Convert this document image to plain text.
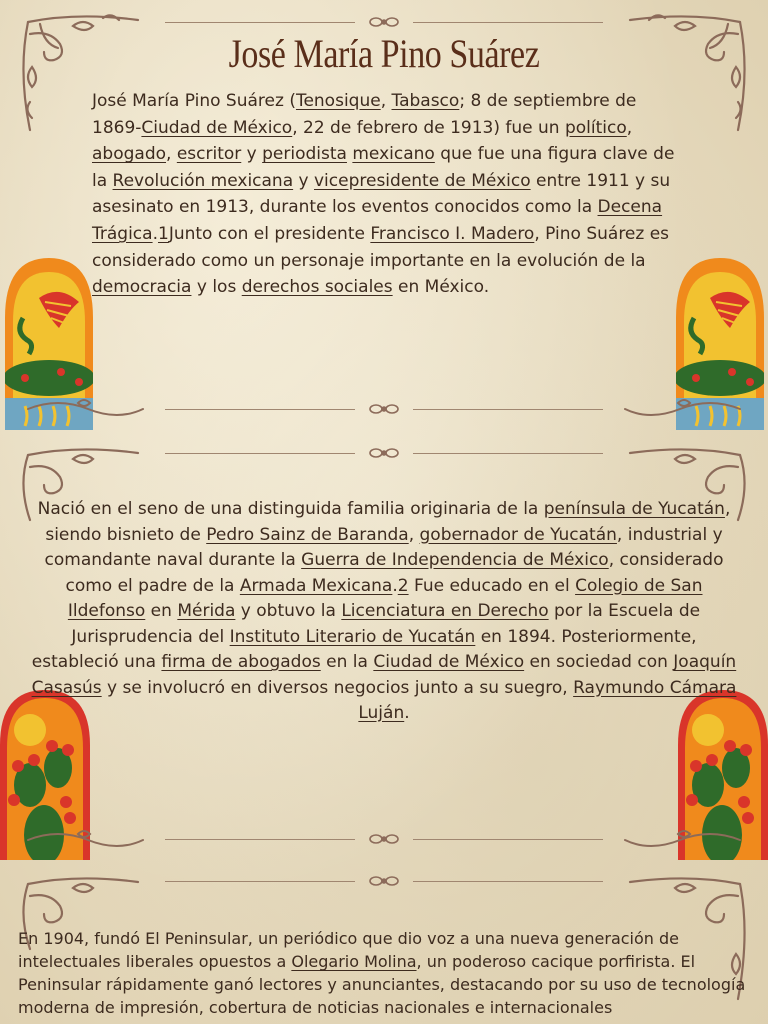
José María Pino Suárez
José María Pino Suárez (Tenosique, Tabasco; 8 de septiembre de 1869-Ciudad de México, 22 de febrero de 1913) fue un político, abogado, escritor y periodista mexicano que fue una figura clave de la Revolución mexicana y vicepresidente de México entre 1911 y su asesinato en 1913, durante los eventos conocidos como la Decena Trágica.1Junto con el presidente Francisco I. Madero, Pino Suárez es considerado como un personaje importante en la evolución de la democracia y los derechos sociales en México.
Nació en el seno de una distinguida familia originaria de la península de Yucatán, siendo bisnieto de Pedro Sainz de Baranda, gobernador de Yucatán, industrial y comandante naval durante la Guerra de Independencia de México, considerado como el padre de la Armada Mexicana.2 Fue educado en el Colegio de San Ildefonso en Mérida y obtuvo la Licenciatura en Derecho por la Escuela de Jurisprudencia del Instituto Literario de Yucatán en 1894. Posteriormente, estableció una firma de abogados en la Ciudad de México en sociedad con Joaquín Casasús y se involucró en diversos negocios junto a su suegro, Raymundo Cámara Luján.
En 1904, fundó El Peninsular, un periódico que dio voz a una nueva generación de intelectuales liberales opuestos a Olegario Molina, un poderoso cacique porfirista. El Peninsular rápidamente ganó lectores y anunciantes, destacando por su uso de tecnología moderna de impresión, cobertura de noticias nacionales e internacionales
